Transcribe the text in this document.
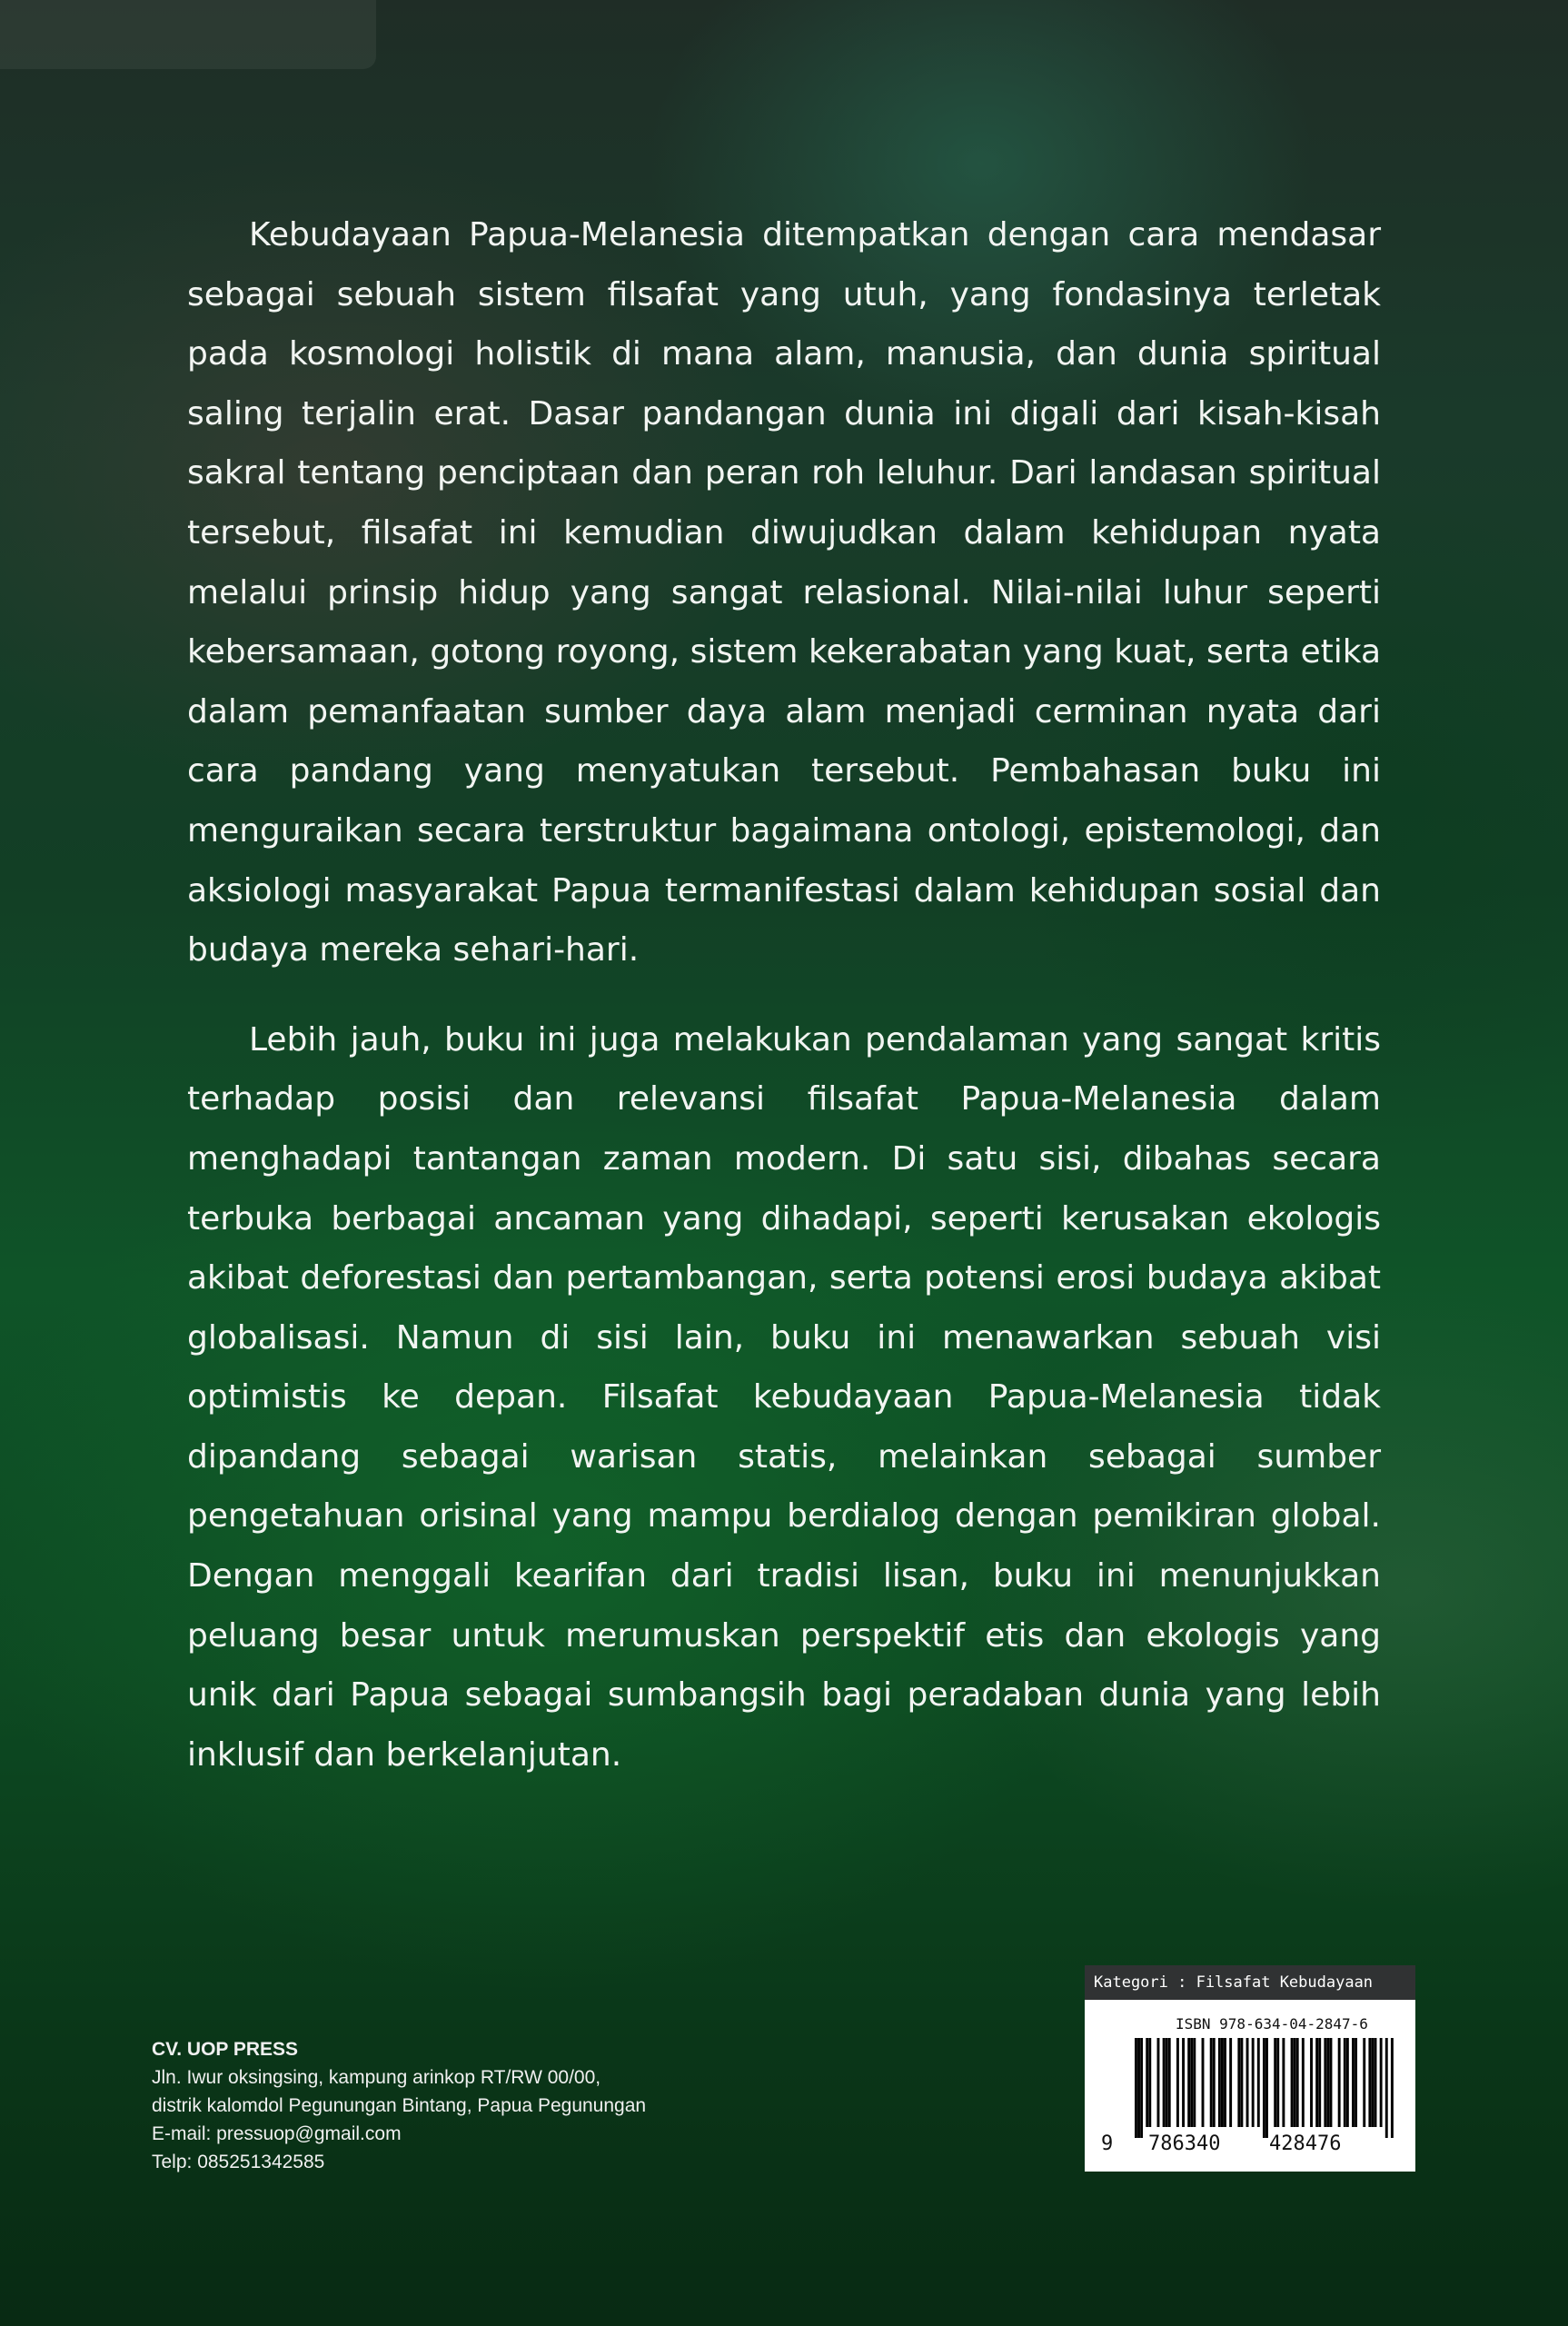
Kebudayaan Papua-Melanesia ditempatkan dengan cara mendasar sebagai sebuah sistem filsafat yang utuh, yang fondasinya terletak pada kosmologi holistik di mana alam, manusia, dan dunia spiritual saling terjalin erat. Dasar pandangan dunia ini digali dari kisah-kisah sakral tentang penciptaan dan peran roh leluhur. Dari landasan spiritual tersebut, filsafat ini kemudian diwujudkan dalam kehidupan nyata melalui prinsip hidup yang sangat relasional. Nilai-nilai luhur seperti kebersamaan, gotong royong, sistem kekerabatan yang kuat, serta etika dalam pemanfaatan sumber daya alam menjadi cerminan nyata dari cara pandang yang menyatukan tersebut. Pembahasan buku ini menguraikan secara terstruktur bagaimana ontologi, epistemologi, dan aksiologi masyarakat Papua termanifestasi dalam kehidupan sosial dan budaya mereka sehari-hari.

Lebih jauh, buku ini juga melakukan pendalaman yang sangat kritis terhadap posisi dan relevansi filsafat Papua-Melanesia dalam menghadapi tantangan zaman modern. Di satu sisi, dibahas secara terbuka berbagai ancaman yang dihadapi, seperti kerusakan ekologis akibat deforestasi dan pertambangan, serta potensi erosi budaya akibat globalisasi. Namun di sisi lain, buku ini menawarkan sebuah visi optimistis ke depan. Filsafat kebudayaan Papua-Melanesia tidak dipandang sebagai warisan statis, melainkan sebagai sumber pengetahuan orisinal yang mampu berdialog dengan pemikiran global. Dengan menggali kearifan dari tradisi lisan, buku ini menunjukkan peluang besar untuk merumuskan perspektif etis dan ekologis yang unik dari Papua sebagai sumbangsih bagi peradaban dunia yang lebih inklusif dan berkelanjutan.

CV. UOP PRESS
Jln. Iwur oksingsing, kampung arinkop RT/RW 00/00,
distrik kalomdol Pegunungan Bintang, Papua Pegunungan
E-mail: pressuop@gmail.com
Telp: 085251342585
Kategori : Filsafat Kebudayaan
ISBN 978-634-04-2847-6
9 786340 428476
